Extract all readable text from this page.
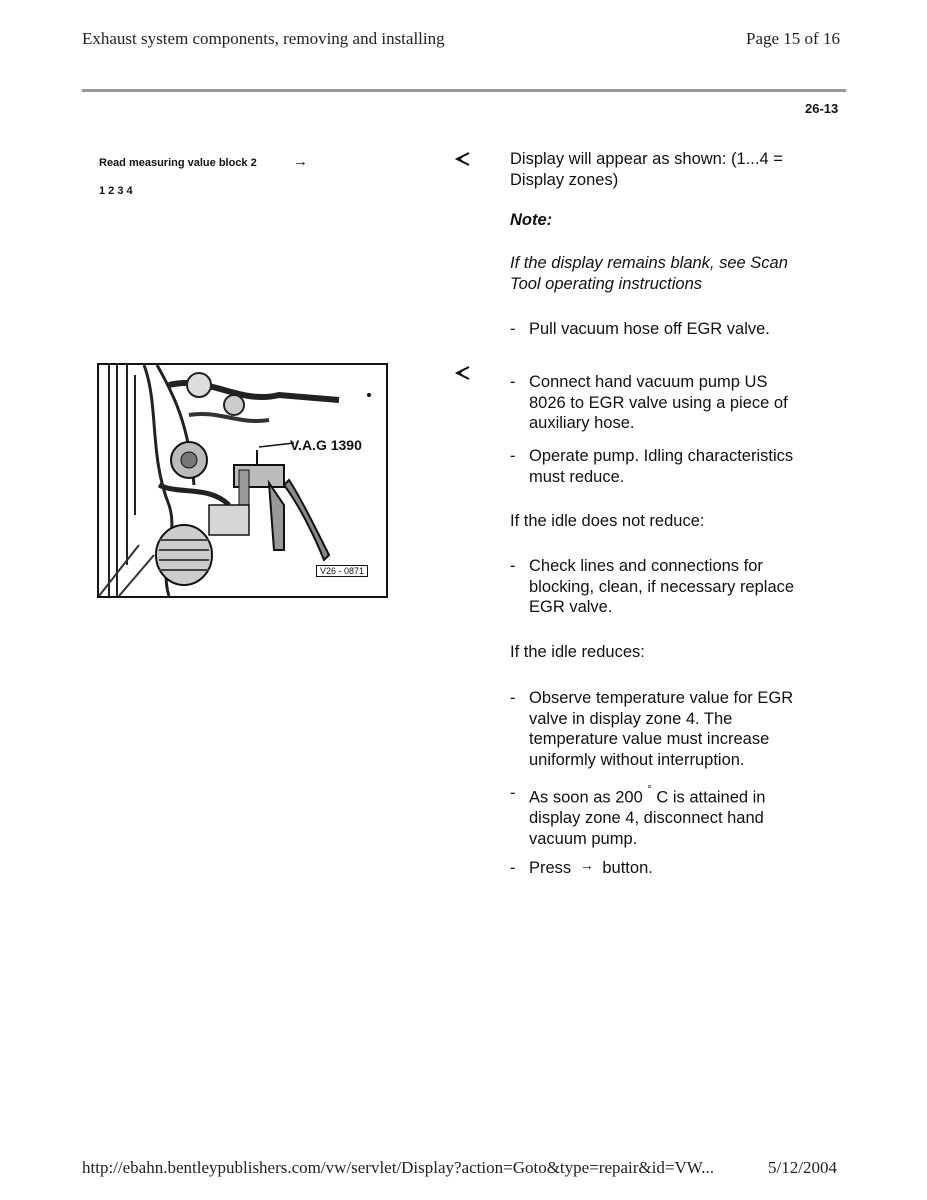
Exhaust system components, removing and installing	Page 15 of 16
26-13
Read measuring value block 2 →
1 2 3 4
V.A.G 1390
V26 - 0871
Display will appear as shown: (1...4 =
Display zones)
Note:
If the display remains blank, see Scan
Tool operating instructions
- Pull vacuum hose off EGR valve.
- Connect hand vacuum pump US
8026 to EGR valve using a piece of
auxiliary hose.
- Operate pump. Idling characteristics
must reduce.
If the idle does not reduce:
- Check lines and connections for
blocking, clean, if necessary replace
EGR valve.
If the idle reduces:
- Observe temperature value for EGR
valve in display zone 4. The
temperature value must increase
uniformly without interruption.
- As soon as 200 ° C is attained in
display zone 4, disconnect hand
vacuum pump.
- Press → button.
http://ebahn.bentleypublishers.com/vw/servlet/Display?action=Goto&type=repair&id=VW...	5/12/2004
